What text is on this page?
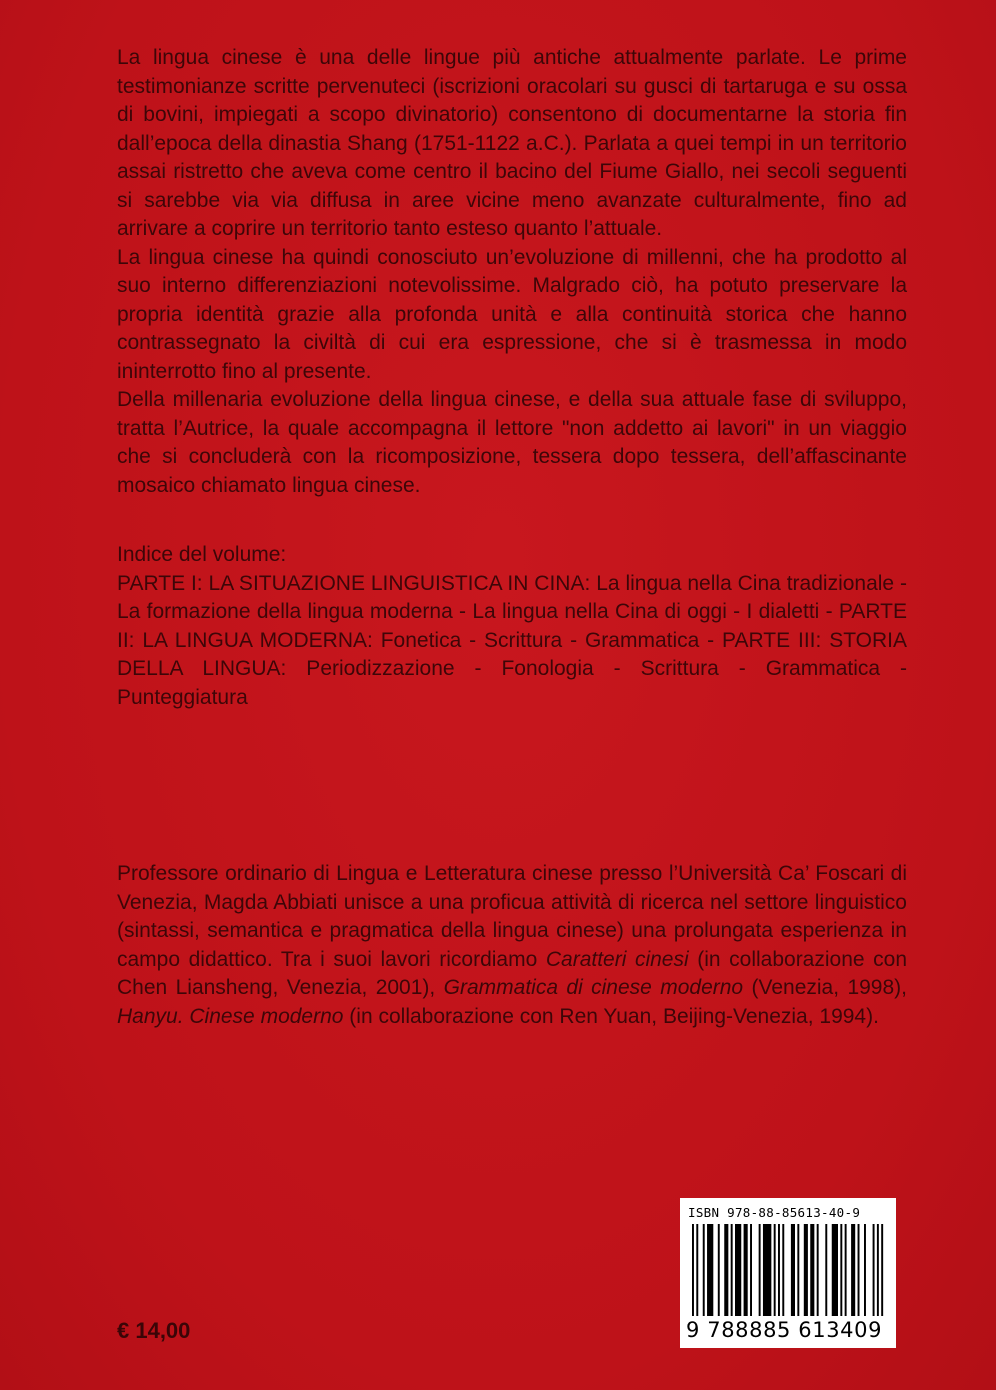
La lingua cinese è una delle lingue più antiche attualmente parlate. Le prime testimonianze scritte pervenuteci (iscrizioni oracolari su gusci di tartaruga e su ossa di bovini, impiegati a scopo divinatorio) consentono di documentarne la storia fin dall’epoca della dinastia Shang (1751-1122 a.C.). Parlata a quei tempi in un territorio assai ristretto che aveva come centro il bacino del Fiume Giallo, nei secoli seguenti si sarebbe via via diffusa in aree vicine meno avanzate culturalmente, fino ad arrivare a coprire un territorio tanto esteso quanto l’attuale.

La lingua cinese ha quindi conosciuto un’evoluzione di millenni, che ha prodotto al suo interno differenziazioni notevolissime. Malgrado ciò, ha potuto preservare la propria identità grazie alla profonda unità e alla continuità storica che hanno contrassegnato la civiltà di cui era espressione, che si è trasmessa in modo ininterrotto fino al presente.

Della millenaria evoluzione della lingua cinese, e della sua attuale fase di sviluppo, tratta l’Autrice, la quale accompagna il lettore "non addetto ai lavori" in un viaggio che si concluderà con la ricomposizione, tessera dopo tessera, dell’affascinante mosaico chiamato lingua cinese.

Indice del volume:

PARTE I: LA SITUAZIONE LINGUISTICA IN CINA: La lingua nella Cina tradizionale - La formazione della lingua moderna - La lingua nella Cina di oggi - I dialetti - PARTE II: LA LINGUA MODERNA: Fonetica - Scrittura - Grammatica - PARTE III: STORIA DELLA LINGUA: Periodizzazione - Fonologia - Scrittura - Grammatica - Punteggiatura

Professore ordinario di Lingua e Letteratura cinese presso l’Università Ca’ Foscari di Venezia, Magda Abbiati unisce a una proficua attività di ricerca nel settore linguistico (sintassi, semantica e pragmatica della lingua cinese) una prolungata esperienza in campo didattico. Tra i suoi lavori ricordiamo Caratteri cinesi (in collaborazione con Chen Liansheng, Venezia, 2001), Grammatica di cinese moderno (Venezia, 1998), Hanyu. Cinese moderno (in collaborazione con Ren Yuan, Beijing-Venezia, 1994).

€ 14,00
ISBN 978-88-85613-40-9
9 788885 613409
